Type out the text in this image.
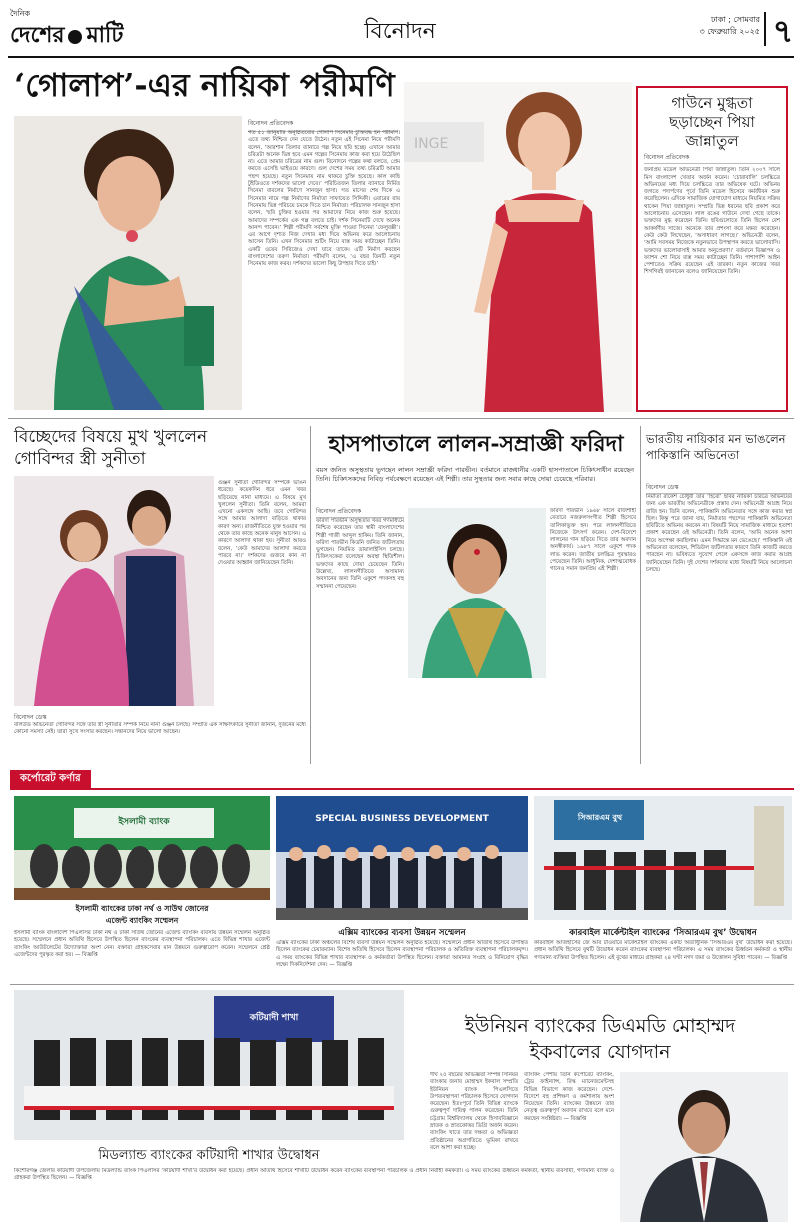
দৈনিক
দেশের মাটি	বিনোদন	ঢাকা ; সোমবার
৩ ফেব্রুয়ারি ২০২৫ ৭
‘গোলাপ’-এর নায়িকা পরীমণি
বিনোদন প্রতিবেদক
গত ৫১ জানুয়ারি অনুষ্ঠিতব্যের গোলাপ সিনেমার চুক্তিবদ্ধ হন পরীমণি। এতে তথ্য নিশ্চিত দেন যেতে উঠেন। নতুন এই সিনেমা নিয়ে পরীমণি বলেন, ‘আরশান তিলার ব্যানারে গল্প নিয়ে ছবি হচ্ছে। এখানে আমার চরিত্রটা অনেক ভিন্ন হবে এমন গল্পের সিনেমায় কাজ করা হয়ে উঠেছিল না। এতে আমার চরিত্রের নাম গুল। বিনোদনে গল্পের কথা বলতে, প্রেম করতে এসেছি ভাইওয়ে কারণে। গুল দেশের সময় তথ্য চরিত্রটি আমার পছন্দ হয়েছে। নতুন সিনেমায় নাম থাকবে চুক্তি হয়েছে। কাল কাছি টুইডিওতে দর্শকদের ভালো দেবে।’ পরিচিতজন তিলার ব্যানারে নির্মিত সিনেমা বাবলের নির্মাণে সানজুন হাসা। গত মাসের শেষ দিকে এ সিনেমার নামে গল্প নির্মাণের নির্মাতা সাফায়েত সিদ্দিকী। এবারের রায় সিনেমায় ভিন্ন পরিচয়ে চমকে দিতে চান নির্মাতা। পরিচালক সানজুন হাসা বলেন, ‘ছবি চুক্তির হওয়ার পর আমাদের নিয়ে কাজ শুরু হয়েছে। আমাদের সম্পর্কের এক গল্প বলতে চাই। দর্শক সিনেমাটি দেখে অনেক আনন্দ পাবেন।’ শিল্পী পরীমণি সর্বশেষ মুক্তি পাওয়া সিনেমা ‘ফেলুবক্সী’। এর আগে দৃশ্যত নিজ দেখার মধ্য দিয়ে অভিনয় করে আলোচনায় আসেন তিনি। এখন সিনেমার শুটিং নিয়ে ব্যস্ত সময় কাটাচ্ছেন তিনি। একটি ওয়েব সিরিজেও দেখা যাবে তাকে। এটি নির্মাণ করছেন বাংলাদেশের তরুণ নির্মাতা। পরীমণি বলেন, ‘এ বছর তিনটি নতুন সিনেমায় কাজ করব। দর্শকদের ভালো কিছু উপহার দিতে চাই।’
INGE
গাউনে মুগ্ধতা ছড়াচ্ছেন পিয়া জান্নাতুল
বিনোদন প্রতিবেদক
জনপ্রিয় মডেল অভিনেত্রী পিয়া জান্নাতুল। তিনি ২০০৭ সালে মিস বাংলাদেশ খেতাব অর্জন করেন। ‘চোরাবালি’ চলচ্চিত্রে অভিনয়ের মধ্য দিয়ে চলচ্চিত্রে তার অভিষেক ঘটে। অভিনয় জগতে পদার্পণের পূর্বে তিনি মডেল হিসেবে কর্মজীবন শুরু করেছিলেন। এদিকে সামাজিক যোগাযোগ মাধ্যমে নিয়মিত সক্রিয় থাকেন পিয়া জান্নাতুল। সম্প্রতি ভিন্ন ধরনের ছবি প্রকাশ করে আলোচনায় এসেছেন। লাল রঙের গাউনে দেখা গেছে তাকে। ভক্তদের মুগ্ধ করেছেন তিনি। ছবিগুলোতে তিনি ছিলেন বেশ আকর্ষণীয় সাজে। অনেকে তার প্রশংসা করে মন্তব্য করেছেন। কেউ কেউ লিখেছেন, ‘অসাধারণ লাগছে।’ অভিনেত্রী বলেন, ‘আমি সবসময় নিজেকে নতুনভাবে উপস্থাপন করতে ভালোবাসি। ভক্তদের ভালোবাসাই আমার অনুপ্রেরণা।’ বর্তমানে বিজ্ঞাপন ও ফ্যাশন শো নিয়ে ব্যস্ত সময় কাটাচ্ছেন তিনি। পাশাপাশি আইন পেশাতেও সক্রিয় রয়েছেন এই তারকা। নতুন কাজের খবর শিগগিরই জানাবেন বলেও জানিয়েছেন তিনি।
বিচ্ছেদের বিষয়ে মুখ খুললেন
গোবিন্দর স্ত্রী সুনীতা
গুঞ্জন সুনীতা গোবিন্দর সম্পর্কে ভাঙন ধরেছে। কয়েকদিন ধরে এমন খবর ছড়িয়েছে নানা মাধ্যমে। এ বিষয়ে মুখ খুললেন সুনীতা। তিনি বলেন, আমরা এখনো একসঙ্গে আছি। তবে গোবিন্দর সঙ্গে আমার আলাদা বাড়িতে থাকার কারণ অন্য। রাজনীতিতে যুক্ত হওয়ার পর থেকে তার কাছে অনেক মানুষ আসেন। এ কারণে আলাদা থাকা হয়। সুনীতা আরও বলেন, ‘কেউ আমাদের আলাদা করতে পারবে না।’ দর্শকদের গুজবে কান না দেওয়ার আহ্বান জানিয়েছেন তিনি।
বিনোদন ডেস্ক
বলিউড অভিনেতা গোবিন্দর সঙ্গে তার স্ত্রী সুনীতার সম্পর্ক নিয়ে নানা গুঞ্জন চলছে। সম্প্রতি এক সাক্ষাৎকারে সুনীতা জানান, দুজনের মধ্যে কোনো সমস্যা নেই। তারা সুখে সংসার করছেন। সন্তানদের নিয়ে ভালো আছেন।
হাসপাতালে লালন-সম্রাজ্ঞী ফরিদা
বয়স জনিত অসুস্থতায় ভুগছেন লালন সম্রাজ্ঞী ফরিদা পারভীন। বর্তমানে রাজধানীর একটি হাসপাতালে চিকিৎসাধীন রয়েছেন তিনি। চিকিৎসকদের নিবিড় পর্যবেক্ষণে রয়েছেন এই শিল্পী। তার সুস্থতার জন্য সবার কাছে দোয়া চেয়েছে পরিবার।
বিনোদন প্রতিবেদক
ফরিদা পারভীন অসুস্থতার খবর গণমাধ্যমে নিশ্চিত করেছেন তার স্বামী বাংলাদেশের শিল্পী গাজী আব্দুল হাকিম। তিনি জানান, ফরিদা পারভীন কিডনি জনিত জটিলতায় ভুগছেন। নিয়মিত ডায়ালাইসিস চলছে। চিকিৎসকেরা বলেছেন অবস্থা স্থিতিশীল। ভক্তদের কাছে দোয়া চেয়েছেন তিনি। উল্লেখ্য, লালনগীতিতে অসামান্য অবদানের জন্য তিনি একুশে পদকসহ বহু সম্মাননা পেয়েছেন।
ফরিদা পারভীন ১৯৬৮ সালে রাজশাহী বেতারে নজরুলসংগীত শিল্পী হিসেবে তালিকাভুক্ত হন। পরে লালনগীতিতে নিজেকে উৎসর্গ করেন। দেশ-বিদেশে লালনের গান ছড়িয়ে দিতে তার অবদান অনস্বীকার্য। ১৯৮৭ সালে একুশে পদক লাভ করেন। জাতীয় চলচ্চিত্র পুরস্কারও পেয়েছেন তিনি। আধুনিক, দেশাত্মবোধক গানেও সমান জনপ্রিয় এই শিল্পী।
ভারতীয় নায়িকার মন ভাঙলেন পাকিস্তানি অভিনেতা
বিনোদন ডেস্ক
নির্মাতা রাকেশ চৌধুরী তার ‘হিরো’ ছবির নায়িকা চরিত্রে অভিনয়ের জন্য এক ভারতীয় অভিনেত্রীকে প্রস্তাব দেন। অভিনেত্রী আগ্রহ নিয়ে রাজি হন। তিনি বলেন, পাকিস্তানি অভিনেতার সঙ্গে কাজ করার স্বপ্ন ছিল। কিন্তু পরে জানা যায়, নির্মাতার পছন্দের পাকিস্তানি অভিনেতা ছবিটিতে অভিনয় করবেন না। বিষয়টি নিয়ে সামাজিক মাধ্যমে হতাশা প্রকাশ করেছেন ওই অভিনেত্রী। তিনি বলেন, ‘আমি অনেক আশা নিয়ে অপেক্ষা করছিলাম। এমন সিদ্ধান্তে মন ভেঙেছে।’ পাকিস্তানি ওই অভিনেতা বলেছেন, শিডিউল জটিলতার কারণে তিনি কাজটি করতে পারছেন না। ভবিষ্যতে সুযোগ পেলে একসঙ্গে কাজ করার আগ্রহ জানিয়েছেন তিনি। দুই দেশের দর্শকদের মধ্যে বিষয়টি নিয়ে আলোচনা চলছে।
কর্পোরেট কর্ণার
ইসলামী ব্যাংক
ইসলামী ব্যাংকের ঢাকা নর্থ ও সাউথ জোনের
এজেন্ট ব্যাংকিং সম্মেলন
ইসলামী ব্যাংক বাংলাদেশ পিএলসির ঢাকা নর্থ ও ঢাকা সাউথ জোনের এজেন্ট ব্যাংকিং ব্যবসায় উন্নয়ন সম্মেলন অনুষ্ঠিত হয়েছে। সম্মেলনে প্রধান অতিথি হিসেবে উপস্থিত ছিলেন ব্যাংকের ব্যবস্থাপনা পরিচালক। এতে বিভিন্ন শাখার এজেন্ট ব্যাংকিং আউটলেটের উদ্যোক্তারা অংশ নেন। বক্তারা গ্রাহকসেবার মান উন্নয়নে গুরুত্বারোপ করেন। সম্মেলনে শ্রেষ্ঠ এজেন্টদের পুরস্কৃত করা হয়। — বিজ্ঞপ্তি
SPECIAL BUSINESS DEVELOPMENT
এক্সিম ব্যাংকের ব্যবসা উন্নয়ন সম্মেলন
এক্সিম ব্যাংকের ঢাকা অঞ্চলের বিশেষ ব্যবসা উন্নয়ন সম্মেলন অনুষ্ঠিত হয়েছে। সম্মেলনে প্রধান অতিথি হিসেবে উপস্থিত ছিলেন ব্যাংকের চেয়ারম্যান। বিশেষ অতিথি হিসেবে ছিলেন ব্যবস্থাপনা পরিচালক ও অতিরিক্ত ব্যবস্থাপনা পরিচালকবৃন্দ। এ সময় ব্যাংকের বিভিন্ন শাখার ব্যবস্থাপক ও কর্মকর্তারা উপস্থিত ছিলেন। বক্তারা আমানত সংগ্রহ ও বিনিয়োগ বৃদ্ধির লক্ষ্যে দিকনির্দেশনা দেন। — বিজ্ঞপ্তি
সিআরএম বুথ
কারবাইল মার্কেন্টাইল ব্যাংকের ‘সিআরএম বুথ’ উদ্বোধন
কারবাইল আজহার্সের জে আর টাওয়ারে মার্কেন্টাইল ব্যাংকের একটি অত্যাধুনিক ‘সিআরএম বুথ’ উদ্বোধন করা হয়েছে। প্রধান অতিথি হিসেবে বুথটি উদ্বোধন করেন ব্যাংকের ব্যবস্থাপনা পরিচালক। এ সময় ব্যাংকের ঊর্ধ্বতন কর্মকর্তা ও স্থানীয় গণ্যমান্য ব্যক্তিরা উপস্থিত ছিলেন। এই বুথের মাধ্যমে গ্রাহকরা ২৪ ঘণ্টা নগদ জমা ও উত্তোলন সুবিধা পাবেন। — বিজ্ঞপ্তি
কটিয়াদী শাখা
মিডল্যান্ড ব্যাংকের কটিয়াদী শাখার উদ্বোধন
কিশোরগঞ্জ জেলার কটিয়াদী উপজেলায় মিডল্যান্ড ব্যাংক পিএলসির ‘কটিয়াদী শাখা’র উদ্বোধন করা হয়েছে। প্রধান অতিথি হিসেবে শাখাটি উদ্বোধন করেন ব্যাংকের ব্যবস্থাপনা পরিচালক ও প্রধান নির্বাহী কর্মকর্তা। এ সময় ব্যাংকের ঊর্ধ্বতন কর্মকর্তা, স্থানীয় ব্যবসায়ী, গণ্যমান্য ব্যক্তি ও গ্রাহকরা উপস্থিত ছিলেন। — বিজ্ঞপ্তি
ইউনিয়ন ব্যাংকের ডিএমডি মোহাম্মদ
ইকবালের যোগদান
দীর্ঘ ২৫ বছরের অভিজ্ঞতা সম্পন্ন সিনিয়র ব্যাংকার জনাব মোহাম্মদ ইকবাল সম্প্রতি ইউনিয়ন ব্যাংক পিএলসিতে উপব্যবস্থাপনা পরিচালক হিসেবে যোগদান করেছেন। ইতঃপূর্বে তিনি বিভিন্ন ব্যাংকে গুরুত্বপূর্ণ দায়িত্ব পালন করেছেন। তিনি চট্টগ্রাম বিশ্ববিদ্যালয় থেকে হিসাববিজ্ঞানে স্নাতক ও স্নাতকোত্তর ডিগ্রি অর্জন করেন। ব্যাংকিং খাতে তার দক্ষতা ও অভিজ্ঞতা প্রতিষ্ঠানের অগ্রগতিতে ভূমিকা রাখবে বলে আশা করা হচ্ছে।
ব্যাংকিং পেশায় তিনি কর্পোরেট ব্যাংকিং, ট্রেড ফাইন্যান্স, রিস্ক ম্যানেজমেন্টসহ বিভিন্ন বিভাগে কাজ করেছেন। দেশে-বিদেশে বহু প্রশিক্ষণ ও কর্মশালায় অংশ নিয়েছেন তিনি। ব্যাংকের উন্নয়নে তার নেতৃত্ব গুরুত্বপূর্ণ অবদান রাখবে বলে মনে করছেন সংশ্লিষ্টরা। — বিজ্ঞপ্তি
